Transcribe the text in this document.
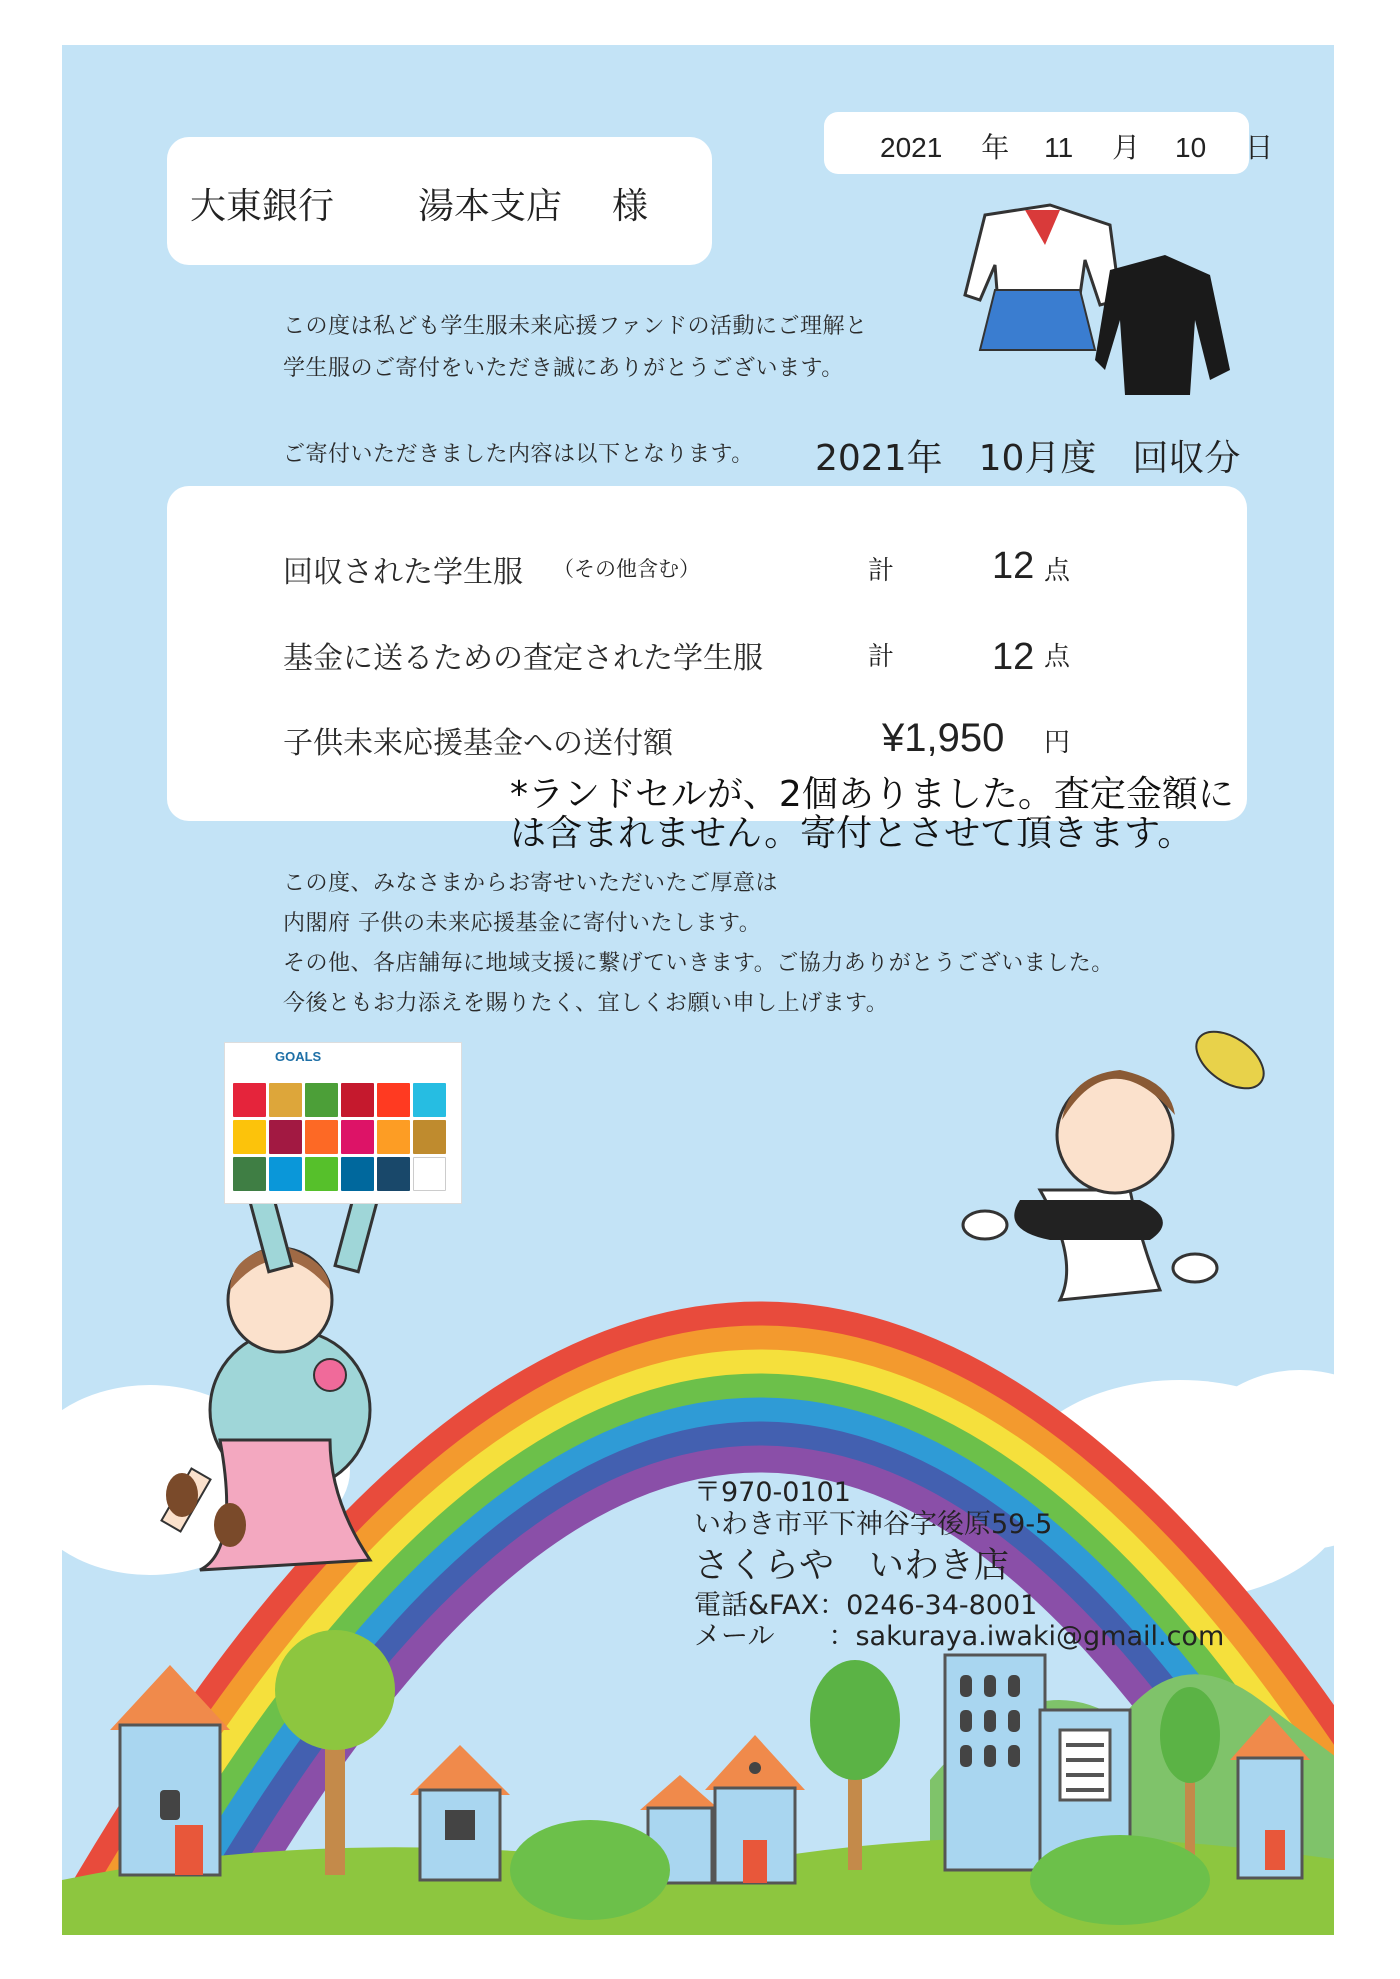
大東銀行 湯本支店 様
2021 年 11 月 10 日
この度は私ども学生服未来応援ファンドの活動にご理解と
学生服のご寄付をいただき誠にありがとうございます。
ご寄付いただきました内容は以下となります。 2021年　10月度　回収分
回収された学生服 （その他含む）	計	12 点
基金に送るための査定された学生服	計	12 点
子供未来応援基金への送付額	¥1,950 円
*ランドセルが、2個ありました。査定金額に
は含まれません。寄付とさせて頂きます。
この度、みなさまからお寄せいただいたご厚意は
内閣府 子供の未来応援基金に寄付いたします。
その他、各店舗毎に地域支援に繋げていきます。ご協力ありがとうございました。
今後ともお力添えを賜りたく、宜しくお願い申し上げます。
GOALS
〒970-0101
いわき市平下神谷字後原59-5
さくらや　いわき店
電話&FAX：0246-34-8001
メール　　：sakuraya.iwaki@gmail.com
